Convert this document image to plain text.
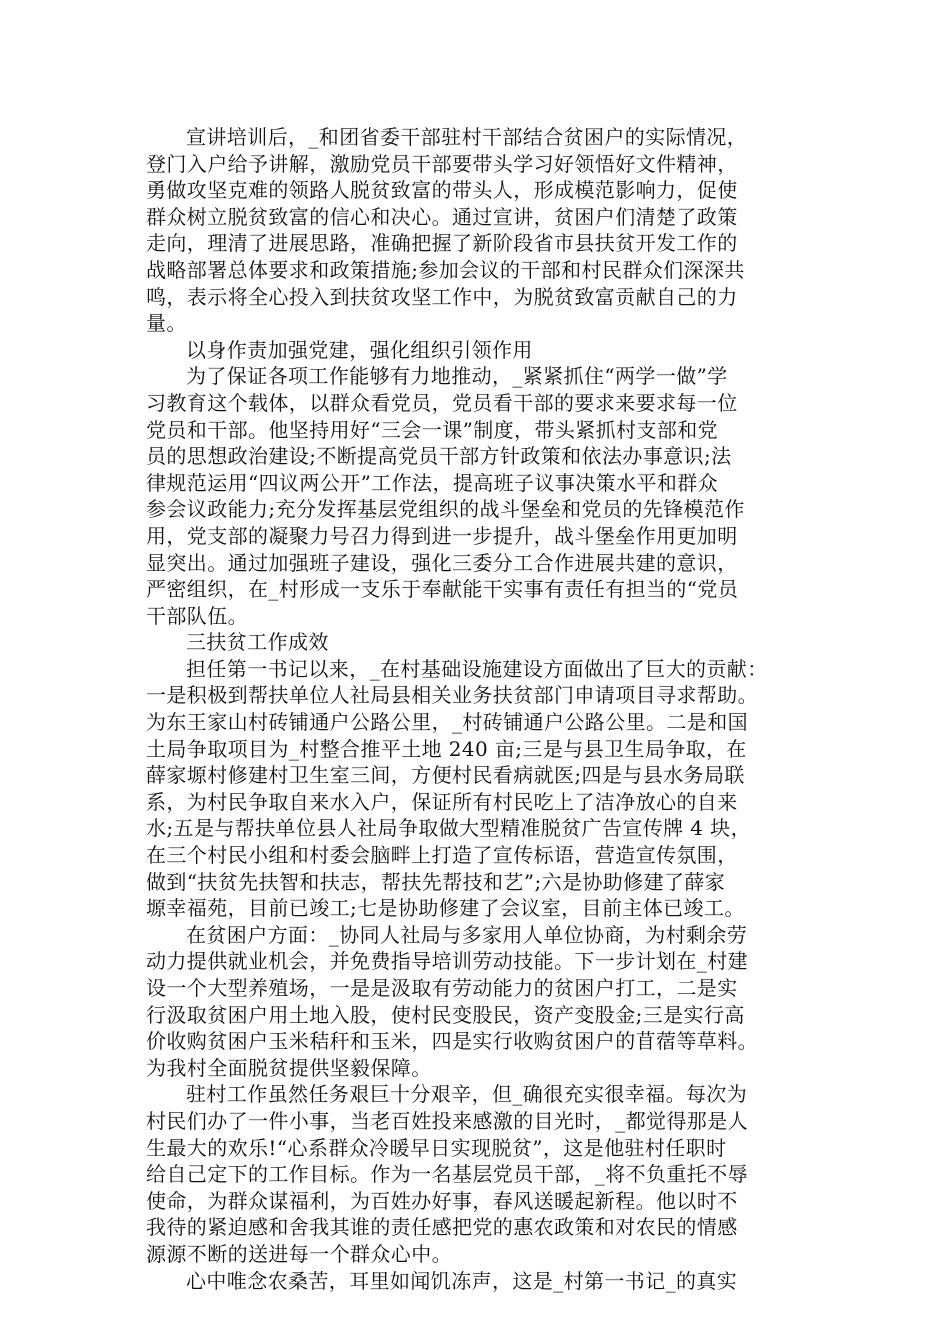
宣讲培训后，_和团省委干部驻村干部结合贫困户的实际情况，
登门入户给予讲解，激励党员干部要带头学习好领悟好文件精神，
勇做攻坚克难的领路人脱贫致富的带头人，形成模范影响力，促使
群众树立脱贫致富的信心和决心。通过宣讲，贫困户们清楚了政策
走向，理清了进展思路，准确把握了新阶段省市县扶贫开发工作的
战略部署总体要求和政策措施;参加会议的干部和村民群众们深深共
鸣，表示将全心投入到扶贫攻坚工作中，为脱贫致富贡献自己的力
量。

以身作责加强党建，强化组织引领作用

为了保证各项工作能够有力地推动，_紧紧抓住“两学一做”学
习教育这个载体，以群众看党员，党员看干部的要求来要求每一位
党员和干部。他坚持用好“三会一课”制度，带头紧抓村支部和党
员的思想政治建设;不断提高党员干部方针政策和依法办事意识;法
律规范运用“四议两公开”工作法，提高班子议事决策水平和群众
参会议政能力;充分发挥基层党组织的战斗堡垒和党员的先锋模范作
用，党支部的凝聚力号召力得到进一步提升，战斗堡垒作用更加明
显突出。通过加强班子建设，强化三委分工合作进展共建的意识，
严密组织，在_村形成一支乐于奉献能干实事有责任有担当的“党员
干部队伍。

三扶贫工作成效

担任第一书记以来，_在村基础设施建设方面做出了巨大的贡献：
一是积极到帮扶单位人社局县相关业务扶贫部门申请项目寻求帮助。
为东王家山村砖铺通户公路公里，_村砖铺通户公路公里。二是和国
土局争取项目为_村整合推平土地 240 亩;三是与县卫生局争取，在
薛家塬村修建村卫生室三间，方便村民看病就医;四是与县水务局联
系，为村民争取自来水入户，保证所有村民吃上了洁净放心的自来
水;五是与帮扶单位县人社局争取做大型精准脱贫广告宣传牌 4 块，
在三个村民小组和村委会脑畔上打造了宣传标语，营造宣传氛围，
做到“扶贫先扶智和扶志，帮扶先帮技和艺”;六是协助修建了薛家
塬幸福苑，目前已竣工;七是协助修建了会议室，目前主体已竣工。

在贫困户方面：_协同人社局与多家用人单位协商，为村剩余劳
动力提供就业机会，并免费指导培训劳动技能。下一步计划在_村建
设一个大型养殖场，一是是汲取有劳动能力的贫困户打工，二是实
行汲取贫困户用土地入股，使村民变股民，资产变股金;三是实行高
价收购贫困户玉米秸秆和玉米，四是实行收购贫困户的苜蓿等草料。
为我村全面脱贫提供坚毅保障。

驻村工作虽然任务艰巨十分艰辛，但_确很充实很幸福。每次为
村民们办了一件小事，当老百姓投来感激的目光时，_都觉得那是人
生最大的欢乐!“心系群众冷暖早日实现脱贫”，这是他驻村任职时
给自己定下的工作目标。作为一名基层党员干部，_将不负重托不辱
使命，为群众谋福利，为百姓办好事，春风送暖起新程。他以时不
我待的紧迫感和舍我其谁的责任感把党的惠农政策和对农民的情感
源源不断的送进每一个群众心中。

心中唯念农桑苦，耳里如闻饥冻声，这是_村第一书记_的真实
